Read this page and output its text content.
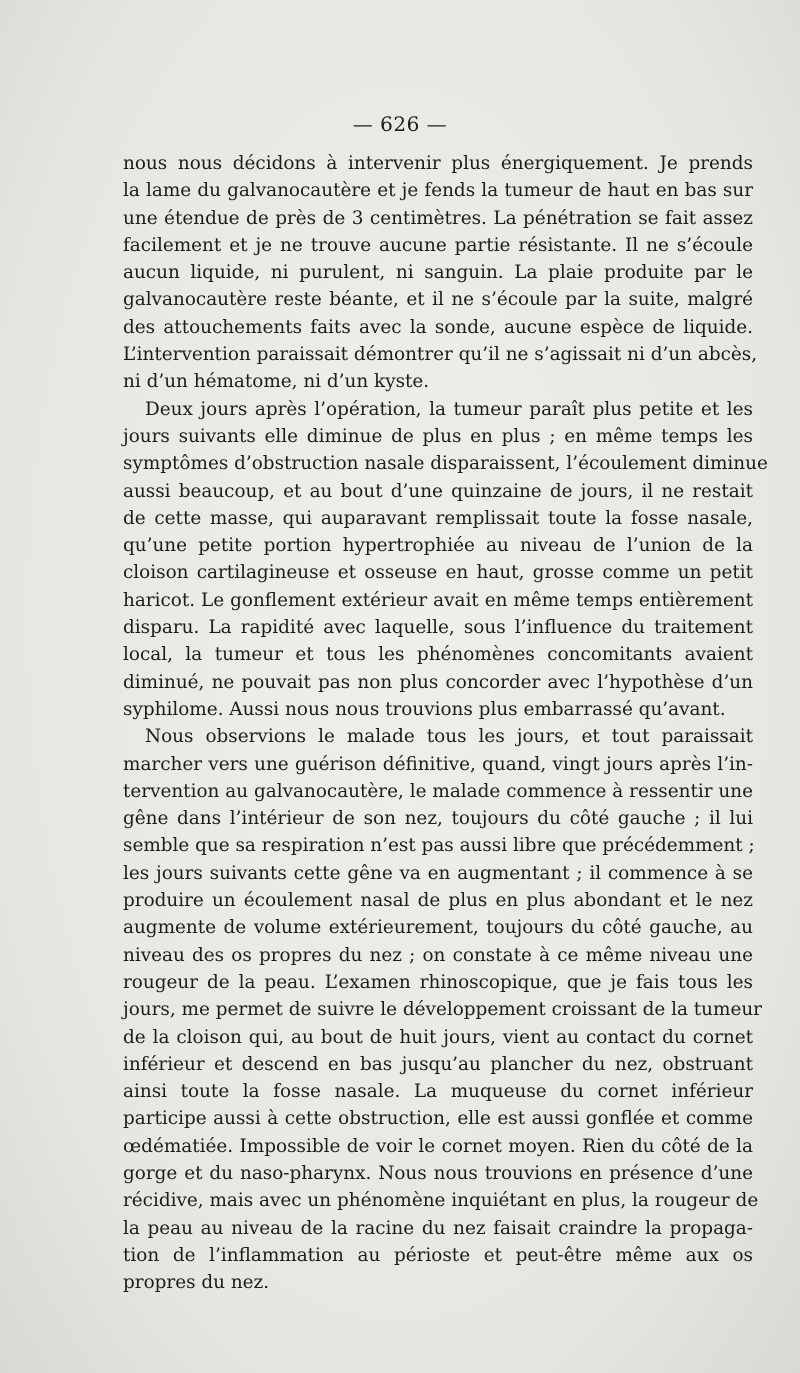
— 626 —
nous nous décidons à intervenir plus énergiquement. Je prends
la lame du galvanocautère et je fends la tumeur de haut en bas sur
une étendue de près de 3 centimètres. La pénétration se fait assez
facilement et je ne trouve aucune partie résistante. Il ne s’écoule
aucun liquide, ni purulent, ni sanguin. La plaie produite par le
galvanocautère reste béante, et il ne s’écoule par la suite, malgré
des attouchements faits avec la sonde, aucune espèce de liquide.
L’intervention paraissait démontrer qu’il ne s’agissait ni d’un abcès,
ni d’un hématome, ni d’un kyste.
Deux jours après l’opération, la tumeur paraît plus petite et les
jours suivants elle diminue de plus en plus ; en même temps les
symptômes d’obstruction nasale disparaissent, l’écoulement diminue
aussi beaucoup, et au bout d’une quinzaine de jours, il ne restait
de cette masse, qui auparavant remplissait toute la fosse nasale,
qu’une petite portion hypertrophiée au niveau de l’union de la
cloison cartilagineuse et osseuse en haut, grosse comme un petit
haricot. Le gonflement extérieur avait en même temps entièrement
disparu. La rapidité avec laquelle, sous l’influence du traitement
local, la tumeur et tous les phénomènes concomitants avaient
diminué, ne pouvait pas non plus concorder avec l’hypothèse d’un
syphilome. Aussi nous nous trouvions plus embarrassé qu’avant.
Nous observions le malade tous les jours, et tout paraissait
marcher vers une guérison définitive, quand, vingt jours après l’in-
tervention au galvanocautère, le malade commence à ressentir une
gêne dans l’intérieur de son nez, toujours du côté gauche ; il lui
semble que sa respiration n’est pas aussi libre que précédemment ;
les jours suivants cette gêne va en augmentant ; il commence à se
produire un écoulement nasal de plus en plus abondant et le nez
augmente de volume extérieurement, toujours du côté gauche, au
niveau des os propres du nez ; on constate à ce même niveau une
rougeur de la peau. L’examen rhinoscopique, que je fais tous les
jours, me permet de suivre le développement croissant de la tumeur
de la cloison qui, au bout de huit jours, vient au contact du cornet
inférieur et descend en bas jusqu’au plancher du nez, obstruant
ainsi toute la fosse nasale. La muqueuse du cornet inférieur
participe aussi à cette obstruction, elle est aussi gonflée et comme
œdématiée. Impossible de voir le cornet moyen. Rien du côté de la
gorge et du naso-pharynx. Nous nous trouvions en présence d’une
récidive, mais avec un phénomène inquiétant en plus, la rougeur de
la peau au niveau de la racine du nez faisait craindre la propaga-
tion de l’inflammation au périoste et peut-être même aux os
propres du nez.
